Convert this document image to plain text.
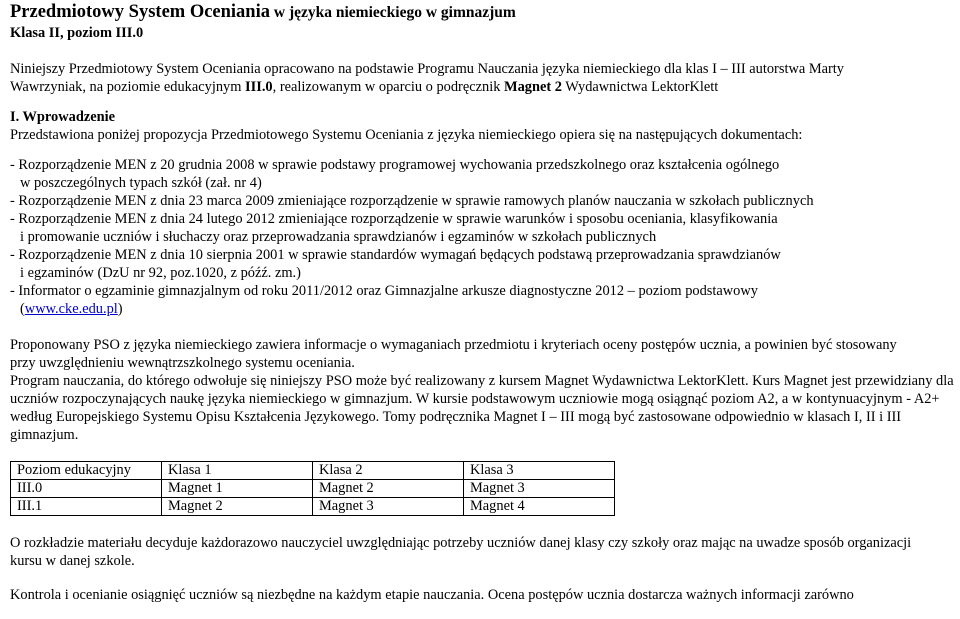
Przedmiotowy System Oceniania w języka niemieckiego w gimnazjum

Klasa II, poziom III.0

Niniejszy Przedmiotowy System Oceniania opracowano na podstawie Programu Nauczania języka niemieckiego dla klas I – III autorstwa Marty Wawrzyniak, na poziomie edukacyjnym III.0, realizowanym w oparciu o podręcznik Magnet 2 Wydawnictwa LektorKlett

I. Wprowadzenie

Przedstawiona poniżej propozycja Przedmiotowego Systemu Oceniania z języka niemieckiego opiera się na następujących dokumentach:

- Rozporządzenie MEN z 20 grudnia 2008 w sprawie podstawy programowej wychowania przedszkolnego oraz kształcenia ogólnego

w poszczególnych typach szkół (zał. nr 4)

- Rozporządzenie MEN z dnia 23 marca 2009 zmieniające rozporządzenie w sprawie ramowych planów nauczania w szkołach publicznych

- Rozporządzenie MEN z dnia 24 lutego 2012 zmieniające rozporządzenie w sprawie warunków i sposobu oceniania, klasyfikowania

i promowanie uczniów i słuchaczy oraz przeprowadzania sprawdzianów i egzaminów w szkołach publicznych

- Rozporządzenie MEN z dnia 10 sierpnia 2001 w sprawie standardów wymagań będących podstawą przeprowadzania sprawdzianów

i egzaminów (DzU nr 92, poz.1020, z późź. zm.)

- Informator o egzaminie gimnazjalnym od roku 2011/2012 oraz Gimnazjalne arkusze diagnostyczne 2012 – poziom podstawowy

(www.cke.edu.pl)

Proponowany PSO z języka niemieckiego zawiera informacje o wymaganiach przedmiotu i kryteriach oceny postępów ucznia, a powinien być stosowany przy uwzględnieniu wewnątrzszkolnego systemu oceniania.

Program nauczania, do którego odwołuje się niniejszy PSO może być realizowany z kursem Magnet Wydawnictwa LektorKlett. Kurs Magnet jest przewidziany dla uczniów rozpoczynających naukę języka niemieckiego w gimnazjum. W kursie podstawowym uczniowie mogą osiągnąć poziom A2, a w kontynuacyjnym - A2+ według Europejskiego Systemu Opisu Kształcenia Językowego. Tomy podręcznika Magnet I – III mogą być zastosowane odpowiednio w klasach I, II i III gimnazjum.

Poziom edukacyjny	Klasa 1	Klasa 2	Klasa 3
III.0	Magnet 1	Magnet 2	Magnet 3
III.1	Magnet 2	Magnet 3	Magnet 4

O rozkładzie materiału decyduje każdorazowo nauczyciel uwzględniając potrzeby uczniów danej klasy czy szkoły oraz mając na uwadze sposób organizacji kursu w danej szkole.

Kontrola i ocenianie osiągnięć uczniów są niezbędne na każdym etapie nauczania. Ocena postępów ucznia dostarcza ważnych informacji zarówno
